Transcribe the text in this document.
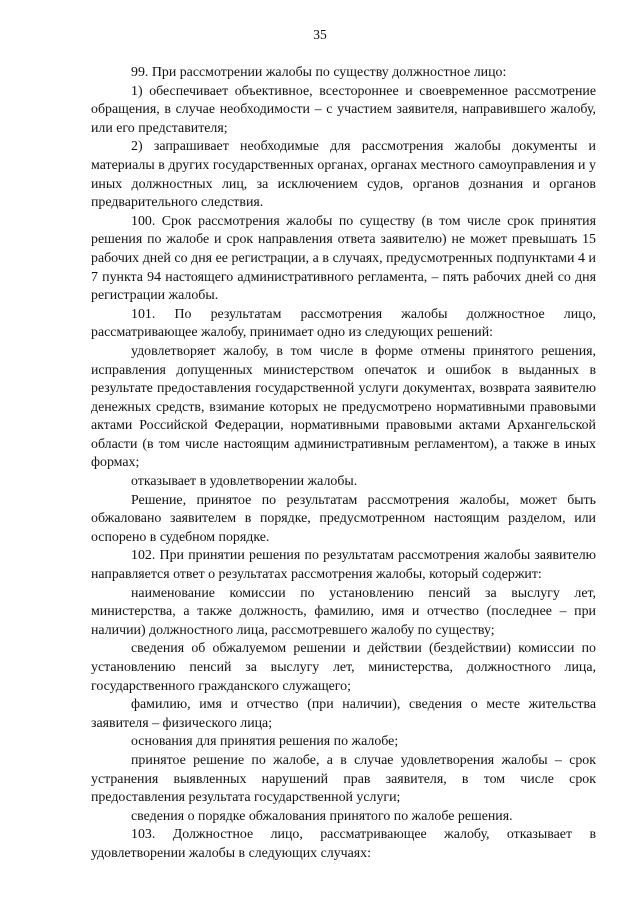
35

99. При рассмотрении жалобы по существу должностное лицо:

1) обеспечивает объективное, всестороннее и своевременное рассмотрение обращения, в случае необходимости – с участием заявителя, направившего жалобу, или его представителя;

2) запрашивает необходимые для рассмотрения жалобы документы и материалы в других государственных органах, органах местного самоуправления и у иных должностных лиц, за исключением судов, органов дознания и органов предварительного следствия.

100. Срок рассмотрения жалобы по существу (в том числе срок принятия решения по жалобе и срок направления ответа заявителю) не может превышать 15 рабочих дней со дня ее регистрации, а в случаях, предусмотренных подпунктами 4 и 7 пункта 94 настоящего административного регламента, – пять рабочих дней со дня регистрации жалобы.

101. По результатам рассмотрения жалобы должностное лицо, рассматривающее жалобу, принимает одно из следующих решений:

удовлетворяет жалобу, в том числе в форме отмены принятого решения, исправления допущенных министерством опечаток и ошибок в выданных в результате предоставления государственной услуги документах, возврата заявителю денежных средств, взимание которых не предусмотрено нормативными правовыми актами Российской Федерации, нормативными правовыми актами Архангельской области (в том числе настоящим административным регламентом), а также в иных формах;

отказывает в удовлетворении жалобы.

Решение, принятое по результатам рассмотрения жалобы, может быть обжаловано заявителем в порядке, предусмотренном настоящим разделом, или оспорено в судебном порядке.

102. При принятии решения по результатам рассмотрения жалобы заявителю направляется ответ о результатах рассмотрения жалобы, который содержит:

наименование комиссии по установлению пенсий за выслугу лет, министерства, а также должность, фамилию, имя и отчество (последнее – при наличии) должностного лица, рассмотревшего жалобу по существу;

сведения об обжалуемом решении и действии (бездействии) комиссии по установлению пенсий за выслугу лет, министерства, должностного лица, государственного гражданского служащего;

фамилию, имя и отчество (при наличии), сведения о месте жительства заявителя – физического лица;

основания для принятия решения по жалобе;

принятое решение по жалобе, а в случае удовлетворения жалобы – срок устранения выявленных нарушений прав заявителя, в том числе срок предоставления результата государственной услуги;

сведения о порядке обжалования принятого по жалобе решения.

103. Должностное лицо, рассматривающее жалобу, отказывает в удовлетворении жалобы в следующих случаях:
